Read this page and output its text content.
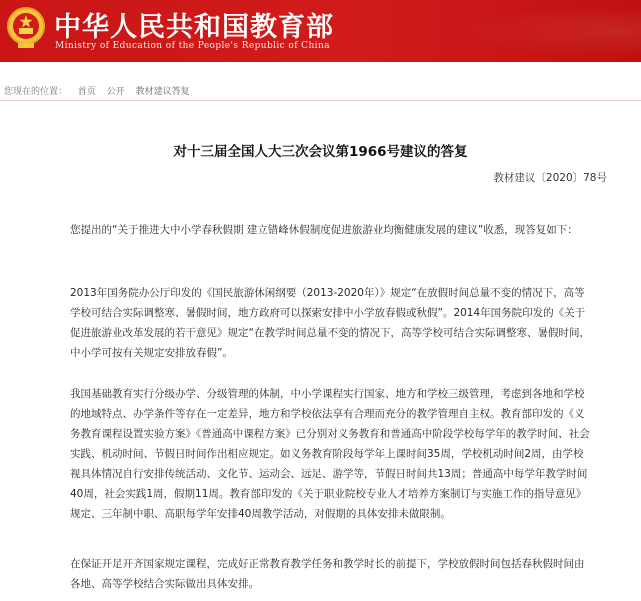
中华人民共和国教育部
Ministry of Education of the People's Republic of China
您现在的位置： 首页 公开 教材建议答复
对十三届全国人大三次会议第1966号建议的答复
教材建议〔2020〕78号
您提出的“关于推进大中小学春秋假期 建立错峰休假制度促进旅游业均衡健康发展的建议”收悉，现答复如下：
2013年国务院办公厅印发的《国民旅游休闲纲要（2013-2020年）》规定“在放假时间总量不变的情况下，高等学校可结合实际调整寒、暑假时间，地方政府可以探索安排中小学放春假或秋假”。2014年国务院印发的《关于促进旅游业改革发展的若干意见》规定“在教学时间总量不变的情况下，高等学校可结合实际调整寒、暑假时间，中小学可按有关规定安排放春假”。
我国基础教育实行分级办学、分级管理的体制，中小学课程实行国家、地方和学校三级管理，考虑到各地和学校的地域特点、办学条件等存在一定差异，地方和学校依法享有合理而充分的教学管理自主权。教育部印发的《义务教育课程设置实验方案》《普通高中课程方案》已分别对义务教育和普通高中阶段学校每学年的教学时间、社会实践、机动时间、节假日时间作出相应规定。如义务教育阶段每学年上课时间35周，学校机动时间2周，由学校视具体情况自行安排传统活动、文化节、运动会、远足、游学等，节假日时间共13周；普通高中每学年教学时间40周，社会实践1周，假期11周。教育部印发的《关于职业院校专业人才培养方案制订与实施工作的指导意见》规定、三年制中职、高职每学年安排40周教学活动，对假期的具体安排未做限制。
在保证开足开齐国家规定课程，完成好正常教育教学任务和教学时长的前提下，学校放假时间包括春秋假时间由各地、高等学校结合实际做出具体安排。
